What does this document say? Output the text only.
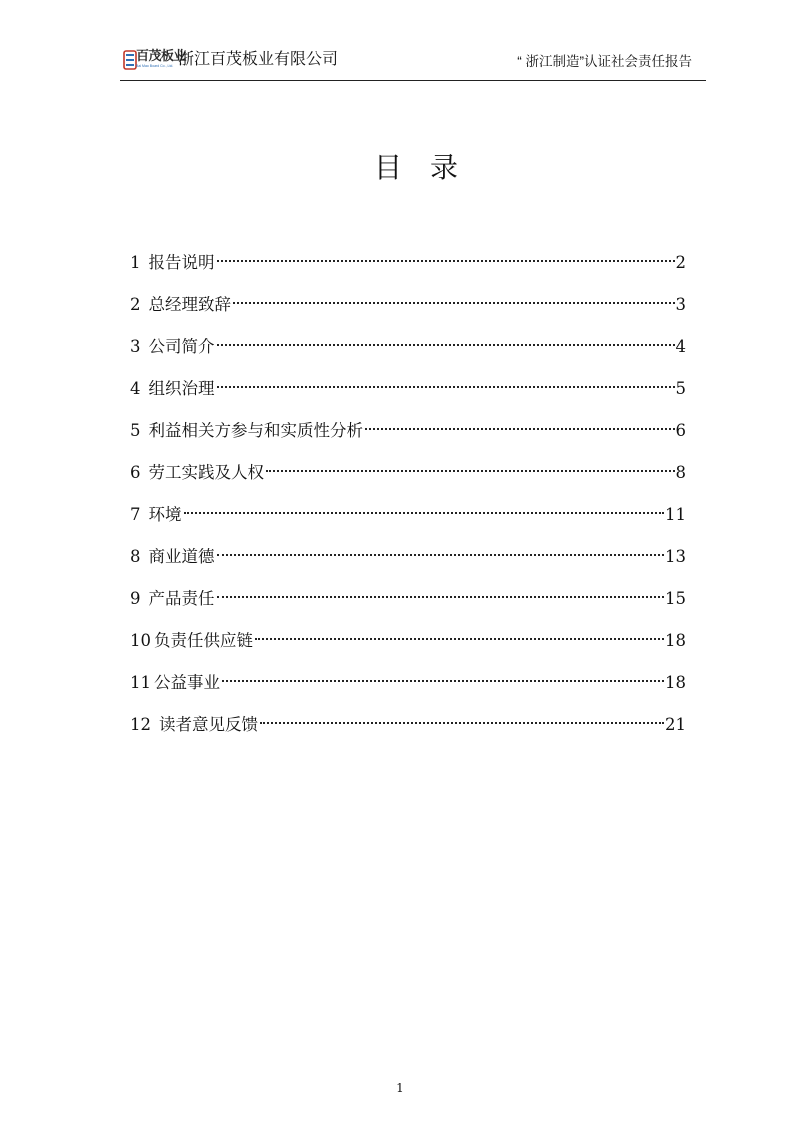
百茂板业
Bai Mao Board Co., Ltd. 浙江百茂板业有限公司	“ 浙江制造”认证社会责任报告
目录
1 报告说明	2
2 总经理致辞	3
3 公司简介	4
4 组织治理	5
5 利益相关方参与和实质性分析	6
6 劳工实践及人权	8
7 环境	11
8 商业道德	13
9 产品责任	15
10 负责任供应链	18
11 公益事业	18
12 读者意见反馈	21
1
